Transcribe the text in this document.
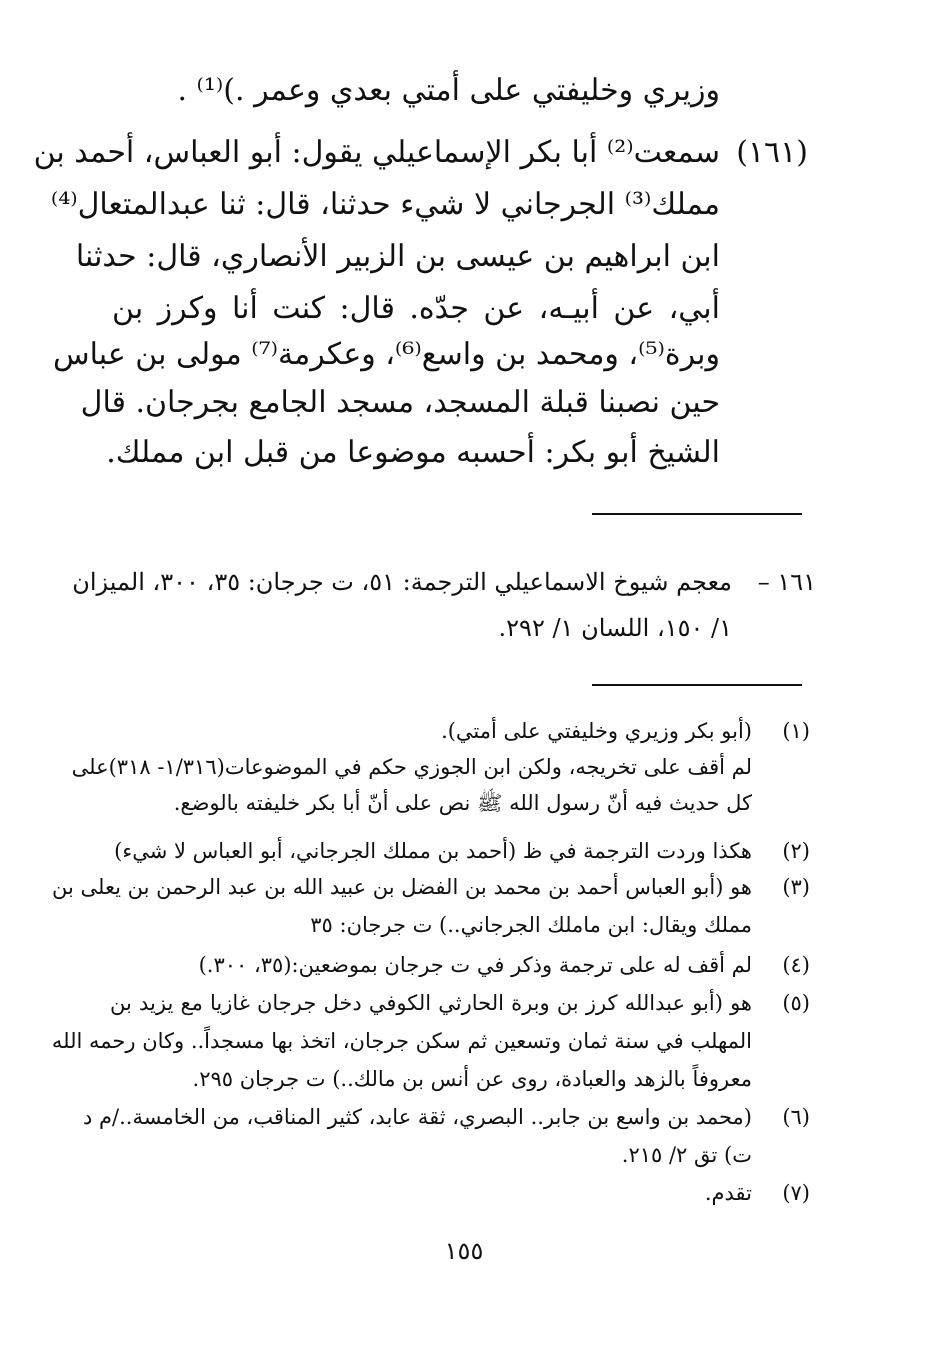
وزيري وخليفتي على أمتي بعدي وعمر .)⁽¹⁾ .
(١٦١)
سمعت⁽²⁾ أبا بكر الإسماعيلي يقول: أبو العباس، أحمد بن
مملك⁽³⁾ الجرجاني لا شيء حدثنا، قال: ثنا عبدالمتعال⁽⁴⁾
ابن ابراهيم بن عيسى بن الزبير الأنصاري، قال: حدثنا
أبي، عن أبيـه، عن جدّه. قال: كنت أنا وكرز بن
وبرة⁽⁵⁾، ومحمد بن واسع⁽⁶⁾، وعكرمة⁽⁷⁾ مولى بن عباس
حين نصبنا قبلة المسجد، مسجد الجامع بجرجان. قال
الشيخ أبو بكر: أحسبه موضوعا من قبل ابن مملك.
١٦١ –
معجم شيوخ الاسماعيلي الترجمة: ٥١، ت جرجان: ٣٥، ٣٠٠، الميزان
١/ ١٥٠، اللسان ١/ ٢٩٢.
(١)
(أبو بكر وزيري وخليفتي على أمتي).
لم أقف على تخريجه، ولكن ابن الجوزي حكم في الموضوعات(١/٣١٦- ٣١٨)على
كل حديث فيه أنّ رسول الله ﷺ نص على أنّ أبا بكر خليفته بالوضع.
(٢)
هكذا وردت الترجمة في ظ (أحمد بن مملك الجرجاني، أبو العباس لا شيء)
(٣)
هو (أبو العباس أحمد بن محمد بن الفضل بن عبيد الله بن عبد الرحمن بن يعلى بن
مملك ويقال: ابن ماملك الجرجاني..) ت جرجان: ٣٥
(٤)
لم أقف له على ترجمة وذكر في ت جرجان بموضعين:(٣٥، ٣٠٠.)
(٥)
هو (أبو عبدالله كرز بن وبرة الحارثي الكوفي دخل جرجان غازيا مع يزيد بن
المهلب في سنة ثمان وتسعين ثم سكن جرجان، اتخذ بها مسجداً.. وكان رحمه الله
معروفاً بالزهد والعبادة، روى عن أنس بن مالك..) ت جرجان ٢٩٥.
(٦)
(محمد بن واسع بن جابر.. البصري، ثقة عابد، كثير المناقب، من الخامسة../م د
ت) تق ٢/ ٢١٥.
(٧)
تقدم.
١٥٥
